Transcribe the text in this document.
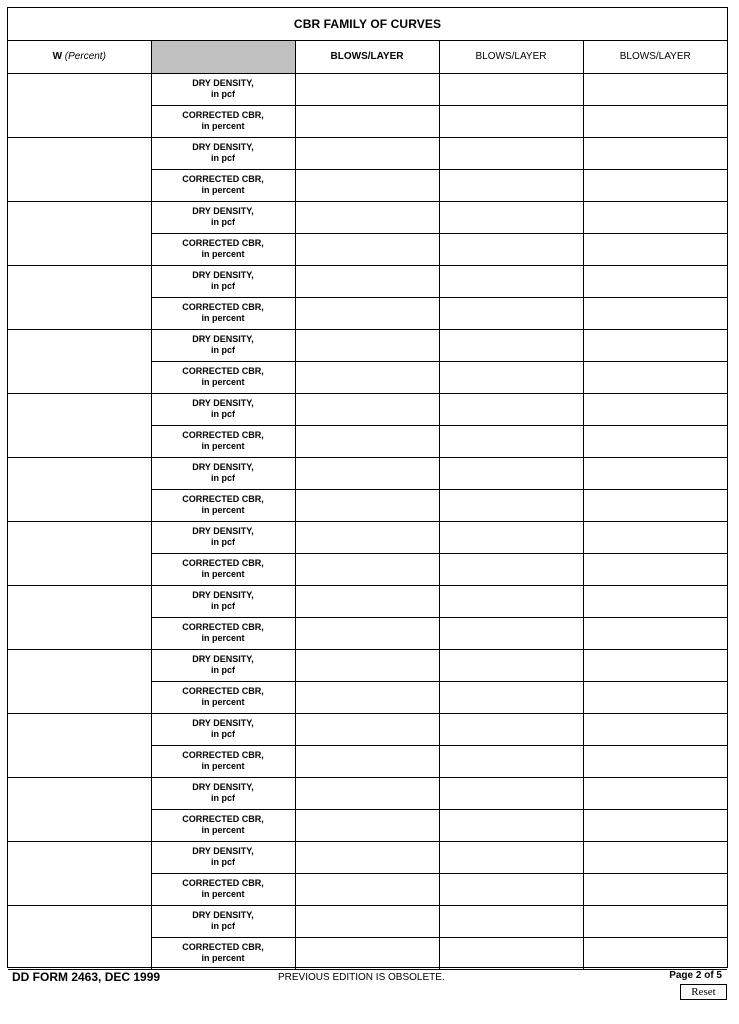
CBR FAMILY OF CURVES
W (Percent)		BLOWS/LAYER	BLOWS/LAYER	BLOWS/LAYER

	DRY DENSITY,
in pcf			

	CORRECTED CBR,
in percent			

	DRY DENSITY,
in pcf			

	CORRECTED CBR,
in percent			

	DRY DENSITY,
in pcf			

	CORRECTED CBR,
in percent			

	DRY DENSITY,
in pcf			

	CORRECTED CBR,
in percent			

	DRY DENSITY,
in pcf			

	CORRECTED CBR,
in percent			

	DRY DENSITY,
in pcf			

	CORRECTED CBR,
in percent			

	DRY DENSITY,
in pcf			

	CORRECTED CBR,
in percent			

	DRY DENSITY,
in pcf			

	CORRECTED CBR,
in percent			

	DRY DENSITY,
in pcf			

	CORRECTED CBR,
in percent			

	DRY DENSITY,
in pcf			

	CORRECTED CBR,
in percent			

	DRY DENSITY,
in pcf			

	CORRECTED CBR,
in percent			

	DRY DENSITY,
in pcf			

	CORRECTED CBR,
in percent			

	DRY DENSITY,
in pcf			

	CORRECTED CBR,
in percent			

	DRY DENSITY,
in pcf			

	CORRECTED CBR,
in percent			

DD FORM 2463, DEC 1999	PREVIOUS EDITION IS OBSOLETE.	Page 2 of 5
Reset
